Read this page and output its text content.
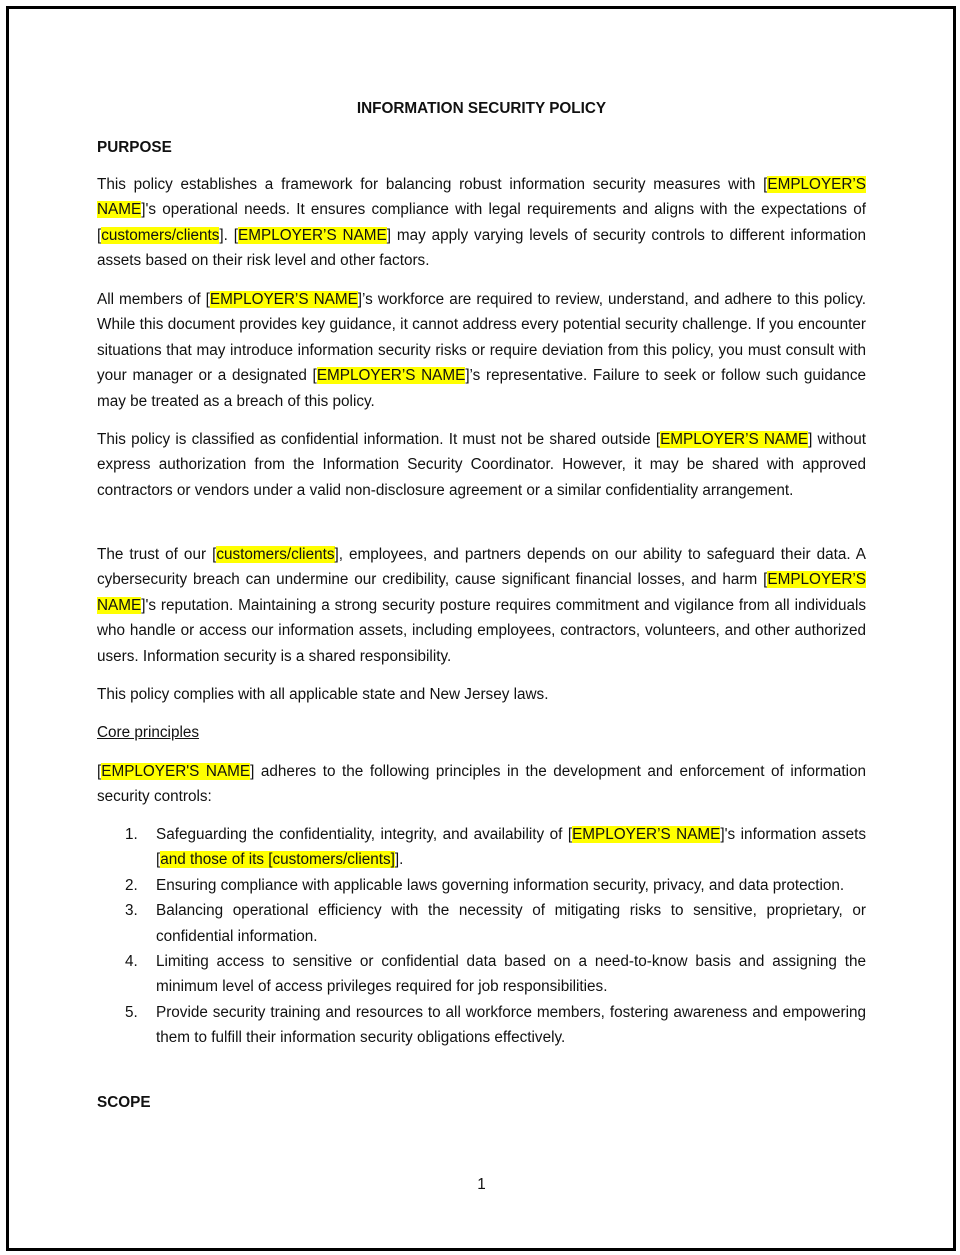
INFORMATION SECURITY POLICY
PURPOSE

This policy establishes a framework for balancing robust information security measures with [EMPLOYER’S NAME]'s operational needs. It ensures compliance with legal requirements and aligns with the expectations of [customers/clients]. [EMPLOYER’S NAME] may apply varying levels of security controls to different information assets based on their risk level and other factors.

All members of [EMPLOYER’S NAME]’s workforce are required to review, understand, and adhere to this policy. While this document provides key guidance, it cannot address every potential security challenge. If you encounter situations that may introduce information security risks or require deviation from this policy, you must consult with your manager or a designated [EMPLOYER’S NAME]’s representative. Failure to seek or follow such guidance may be treated as a breach of this policy.

This policy is classified as confidential information. It must not be shared outside [EMPLOYER’S NAME] without express authorization from the Information Security Coordinator. However, it may be shared with approved contractors or vendors under a valid non-disclosure agreement or a similar confidentiality arrangement.

The trust of our [customers/clients], employees, and partners depends on our ability to safeguard their data. A cybersecurity breach can undermine our credibility, cause significant financial losses, and harm [EMPLOYER’S NAME]'s reputation. Maintaining a strong security posture requires commitment and vigilance from all individuals who handle or access our information assets, including employees, contractors, volunteers, and other authorized users. Information security is a shared responsibility.

This policy complies with all applicable state and New Jersey laws.

Core principles

[EMPLOYER'S NAME] adheres to the following principles in the development and enforcement of information security controls:

1. Safeguarding the confidentiality, integrity, and availability of [EMPLOYER’S NAME]'s information assets [and those of its [customers/clients]].
2. Ensuring compliance with applicable laws governing information security, privacy, and data protection.
3. Balancing operational efficiency with the necessity of mitigating risks to sensitive, proprietary, or confidential information.
4. Limiting access to sensitive or confidential data based on a need-to-know basis and assigning the minimum level of access privileges required for job responsibilities.
5. Provide security training and resources to all workforce members, fostering awareness and empowering them to fulfill their information security obligations effectively.
SCOPE
1
